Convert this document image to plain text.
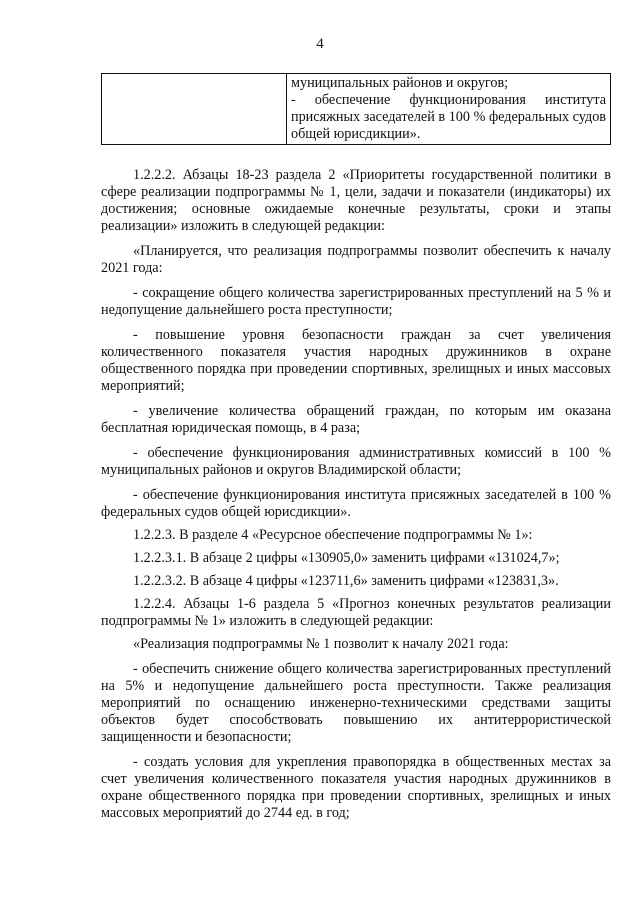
4

муниципальных районов и округов;
- обеспечение функционирования института присяжных заседателей в 100 % федеральных судов общей юрисдикции».

1.2.2.2. Абзацы 18-23 раздела 2 «Приоритеты государственной политики в сфере реализации подпрограммы № 1, цели, задачи и показатели (индикаторы) их достижения; основные ожидаемые конечные результаты, сроки и этапы реализации» изложить в следующей редакции:

«Планируется, что реализация подпрограммы позволит обеспечить к началу 2021 года:

- сокращение общего количества зарегистрированных преступлений на 5 % и недопущение дальнейшего роста преступности;

- повышение уровня безопасности граждан за счет увеличения количественного показателя участия народных дружинников в охране общественного порядка при проведении спортивных, зрелищных и иных массовых мероприятий;

- увеличение количества обращений граждан, по которым им оказана бесплатная юридическая помощь, в 4 раза;

- обеспечение функционирования административных комиссий в 100 % муниципальных районов и округов Владимирской области;

- обеспечение функционирования института присяжных заседателей в 100 % федеральных судов общей юрисдикции».

1.2.2.3. В разделе 4 «Ресурсное обеспечение подпрограммы № 1»:

1.2.2.3.1. В абзаце 2 цифры «130905,0» заменить цифрами «131024,7»;

1.2.2.3.2. В абзаце 4 цифры «123711,6» заменить цифрами «123831,3».

1.2.2.4. Абзацы 1-6 раздела 5 «Прогноз конечных результатов реализации подпрограммы № 1» изложить в следующей редакции:

«Реализация подпрограммы № 1 позволит к началу 2021 года:

- обеспечить снижение общего количества зарегистрированных преступлений на 5% и недопущение дальнейшего роста преступности. Также реализация мероприятий по оснащению инженерно-техническими средствами защиты объектов будет способствовать повышению их антитеррористической защищенности и безопасности;

- создать условия для укрепления правопорядка в общественных местах за счет увеличения количественного показателя участия народных дружинников в охране общественного порядка при проведении спортивных, зрелищных и иных массовых мероприятий до 2744 ед. в год;
